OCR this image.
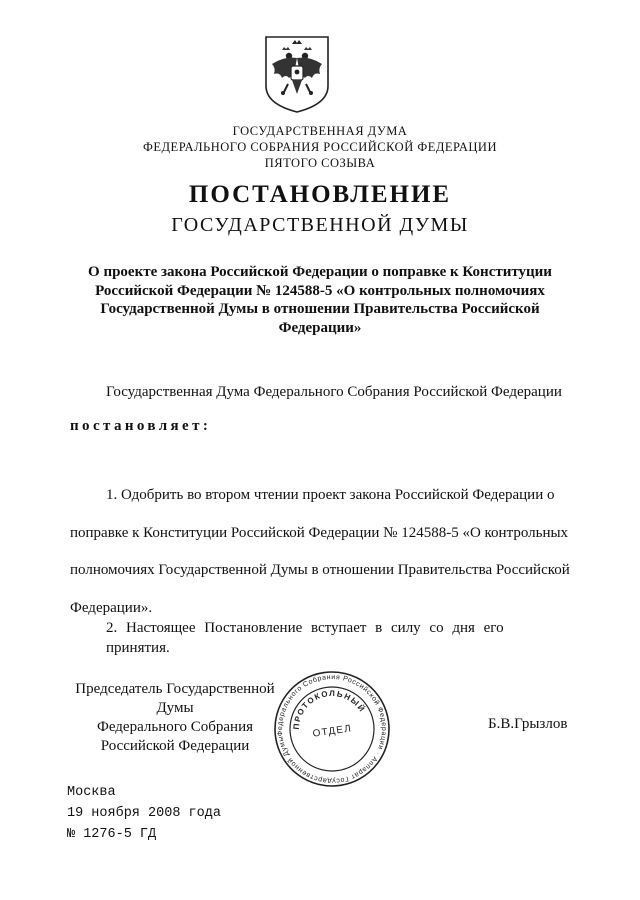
ГОСУДАРСТВЕННАЯ ДУМА
ФЕДЕРАЛЬНОГО СОБРАНИЯ РОССИЙСКОЙ ФЕДЕРАЦИИ
ПЯТОГО СОЗЫВА
ПОСТАНОВЛЕНИЕ
ГОСУДАРСТВЕННОЙ ДУМЫ
О проекте закона Российской Федерации о поправке к Конституции Российской Федерации № 124588-5 «О контрольных полномочиях Государственной Думы в отношении Правительства Российской Федерации»
Государственная Дума Федерального Собрания Российской Федерации
постановляет:
1. Одобрить во втором чтении проект закона Российской Федерации о
поправке к Конституции Российской Федерации № 124588-5 «О контрольных полномочиях Государственной Думы в отношении Правительства Российской Федерации».
2. Настоящее Постановление вступает в силу со дня его принятия.
Председатель Государственной Думы
Федерального Собрания
Российской Федерации
Федерального Собрания Российской Федерации · Аппарат Государственной Думы
ПРОТОКОЛЬНЫЙ
ОТДЕЛ	Б.В.Грызлов
Москва
19 ноября 2008 года
№ 1276-5 ГД
